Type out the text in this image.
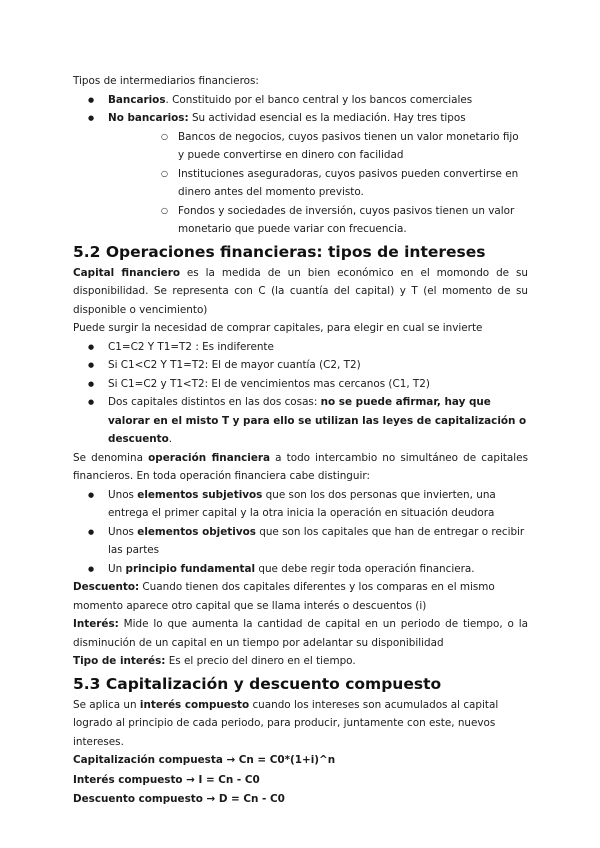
Tipos de intermediarios financieros:

● Bancarios. Constituido por el banco central y los bancos comerciales
● No bancarios: Su actividad esencial es la mediación. Hay tres tipos
○ Bancos de negocios, cuyos pasivos tienen un valor monetario fijo y puede convertirse en dinero con facilidad
○ Instituciones aseguradoras, cuyos pasivos pueden convertirse en dinero antes del momento previsto.
○ Fondos y sociedades de inversión, cuyos pasivos tienen un valor monetario que puede variar con frecuencia.
5.2 Operaciones financieras: tipos de intereses

Capital financiero es la medida de un bien económico en el momondo de su disponibilidad. Se representa con C (la cuantía del capital) y T (el momento de su disponible o vencimiento)

Puede surgir la necesidad de comprar capitales, para elegir en cual se invierte

● C1=C2 Y T1=T2 : Es indiferente
● Si C1<C2 Y T1=T2: El de mayor cuantía (C2, T2)
● Si C1=C2 y T1<T2: El de vencimientos mas cercanos (C1, T2)
● Dos capitales distintos en las dos cosas: no se puede afirmar, hay que valorar en el misto T y para ello se utilizan las leyes de capitalización o descuento.

Se denomina operación financiera a todo intercambio no simultáneo de capitales financieros. En toda operación financiera cabe distinguir:

● Unos elementos subjetivos que son los dos personas que invierten, una entrega el primer capital y la otra inicia la operación en situación deudora
● Unos elementos objetivos que son los capitales que han de entregar o recibir las partes
● Un principio fundamental que debe regir toda operación financiera.

Descuento: Cuando tienen dos capitales diferentes y los comparas en el mismo momento aparece otro capital que se llama interés o descuentos (i)

Interés: Mide lo que aumenta la cantidad de capital en un periodo de tiempo, o la disminución de un capital en un tiempo por adelantar su disponibilidad

Tipo de interés: Es el precio del dinero en el tiempo.

5.3 Capitalización y descuento compuesto

Se aplica un interés compuesto cuando los intereses son acumulados al capital logrado al principio de cada periodo, para producir, juntamente con este, nuevos intereses.

Capitalización compuesta → Cn = C0*(1+i)^n
Interés compuesto → I = Cn - C0
Descuento compuesto → D = Cn - C0
